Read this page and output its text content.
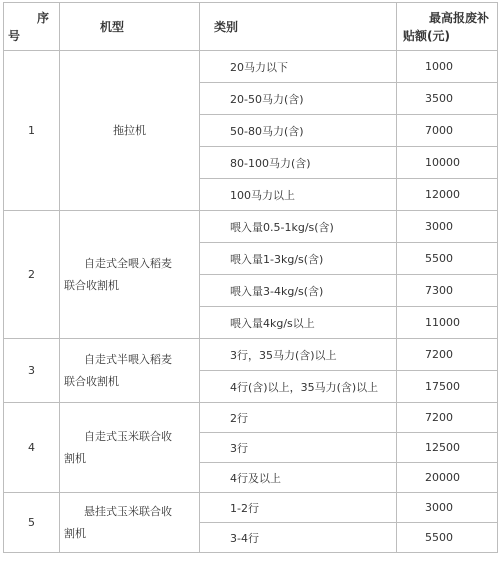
序
号	机型	类别	最高报废补
贴额(元)

1	拖拉机	20马力以下	1000
		20-50马力(含)	3500
		50-80马力(含)	7000
		80-100马力(含)	10000
		100马力以上	12000
2	自走式全喂入稻麦
联合收割机	喂入量0.5-1kg/s(含)	3000
		喂入量1-3kg/s(含)	5500
		喂入量3-4kg/s(含)	7300
		喂入量4kg/s以上	11000
3	自走式半喂入稻麦
联合收割机	3行，35马力(含)以上	7200
		4行(含)以上，35马力(含)以上	17500
4	自走式玉米联合收
割机	2行	7200
		3行	12500
		4行及以上	20000
5	悬挂式玉米联合收
割机	1-2行	3000
		3-4行	5500
